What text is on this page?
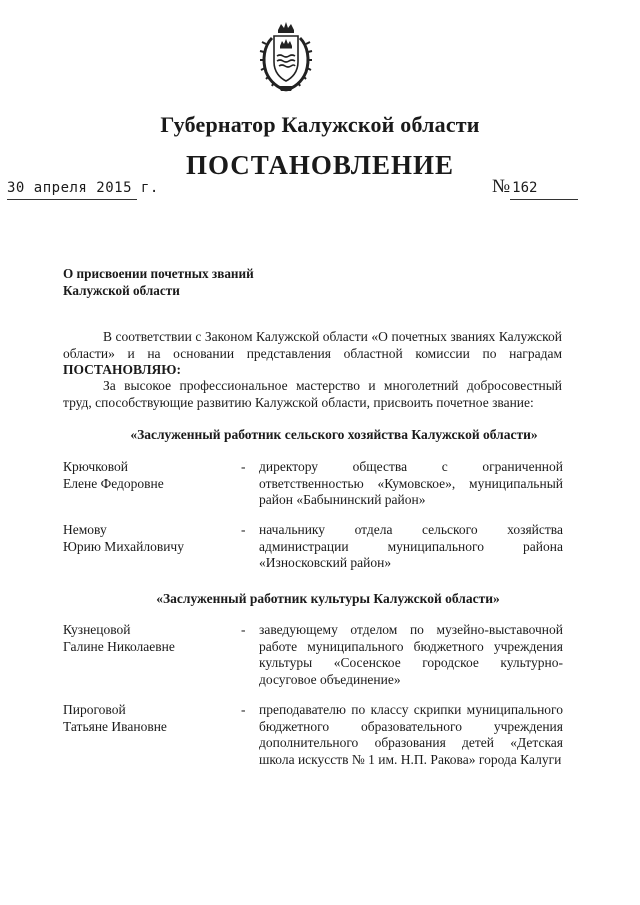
Губернатор Калужской области
ПОСТАНОВЛЕНИЕ
30 апреля 2015 г.	№ 162
О присвоении почетных званий
Калужской области
В соответствии с Законом Калужской области «О почетных званиях Калужской области» и на основании представления областной комиссии по наградам ПОСТАНОВЛЯЮ:
За высокое профессиональное мастерство и многолетний добросовестный труд, способствующие развитию Калужской области, присвоить почетное звание:
«Заслуженный работник сельского хозяйства Калужской области»
Крючковой
Елене Федоровне
- директору общества с ограниченной ответственностью «Кумовское», муниципальный район «Бабынинский район»
Немову
Юрию Михайловичу
- начальнику отдела сельского хозяйства администрации муниципального района «Износковский район»
«Заслуженный работник культуры Калужской области»
Кузнецовой
Галине Николаевне
- заведующему отделом по музейно-выставочной работе муниципального бюджетного учреждения культуры «Сосенское городское культурно-досуговое объединение»
Пироговой
Татьяне Ивановне
- преподавателю по классу скрипки муниципального бюджетного образовательного учреждения дополнительного образования детей «Детская школа искусств № 1 им. Н.П. Ракова» города Калуги
